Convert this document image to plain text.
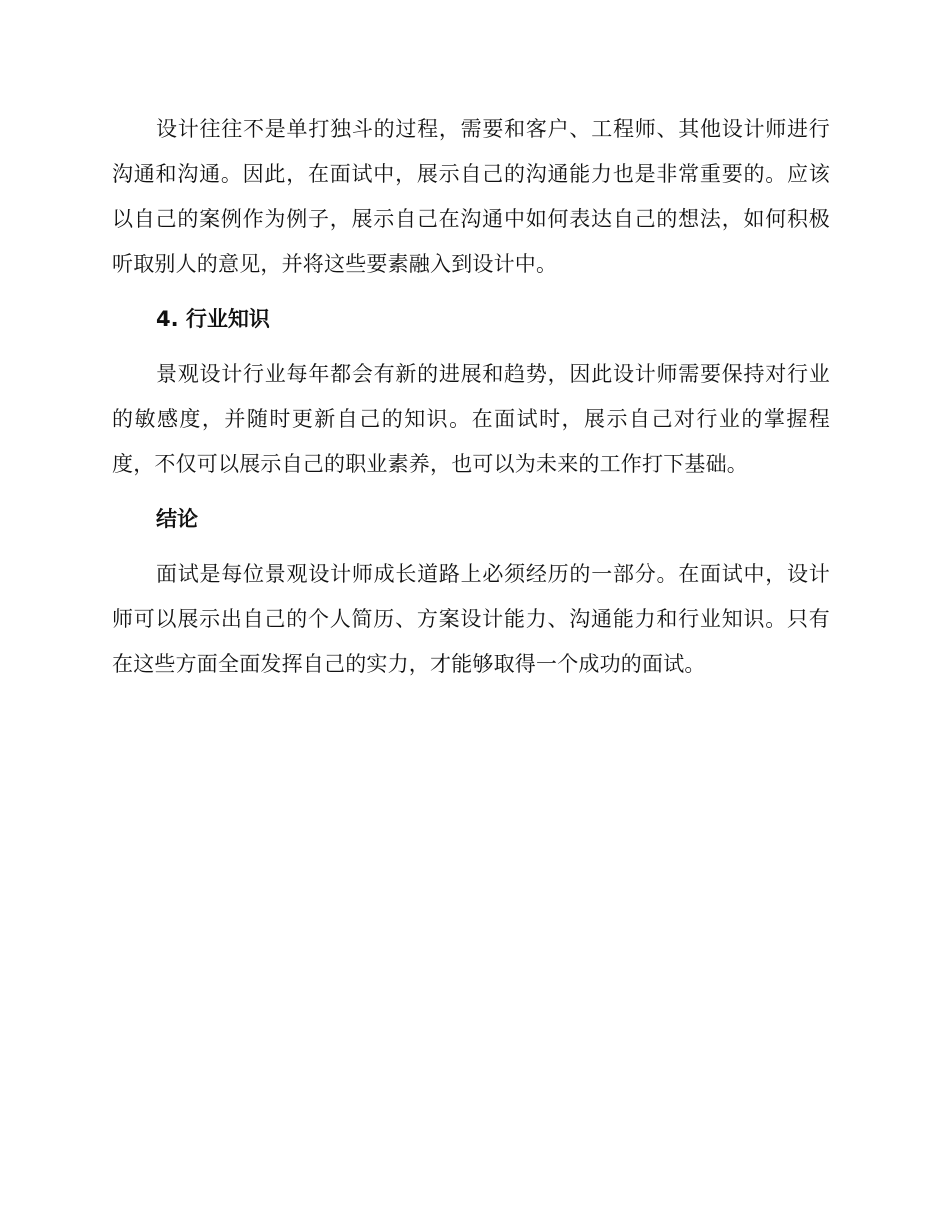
设计往往不是单打独斗的过程，需要和客户、工程师、其他设计师进行沟通和沟通。因此，在面试中，展示自己的沟通能力也是非常重要的。应该以自己的案例作为例子，展示自己在沟通中如何表达自己的想法，如何积极听取别人的意见，并将这些要素融入到设计中。

4. 行业知识

景观设计行业每年都会有新的进展和趋势，因此设计师需要保持对行业的敏感度，并随时更新自己的知识。在面试时，展示自己对行业的掌握程度，不仅可以展示自己的职业素养，也可以为未来的工作打下基础。

结论

面试是每位景观设计师成长道路上必须经历的一部分。在面试中，设计师可以展示出自己的个人简历、方案设计能力、沟通能力和行业知识。只有在这些方面全面发挥自己的实力，才能够取得一个成功的面试。
